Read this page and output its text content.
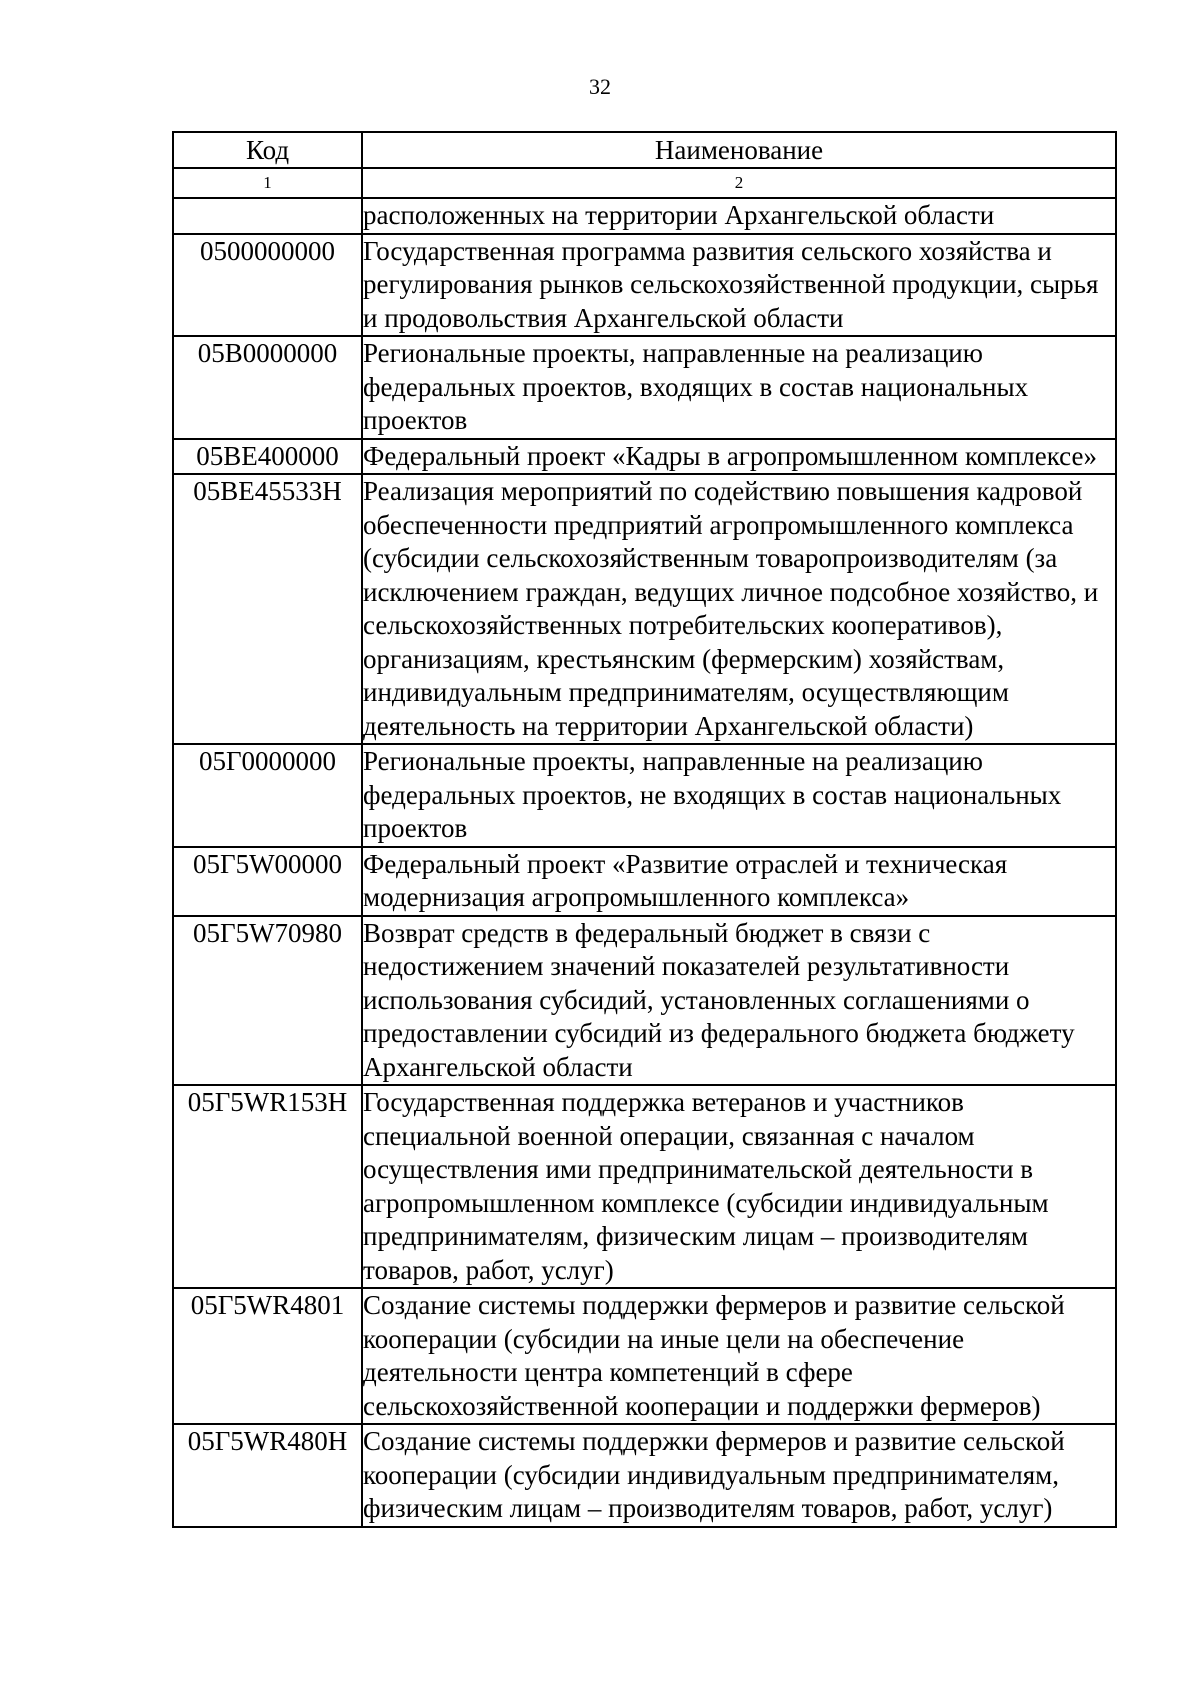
32
Код	Наименование
1	2
	расположенных на территории Архангельской области
0500000000	Государственная программа развития сельского хозяйства и регулирования рынков сельскохозяйственной продукции, сырья и продовольствия Архангельской области
05В0000000	Региональные проекты, направленные на реализацию федеральных проектов, входящих в состав национальных проектов
05ВЕ400000	Федеральный проект «Кадры в агропромышленном комплексе»
05ВЕ45533Н	Реализация мероприятий по содействию повышения кадровой обеспеченности предприятий агропромышленного комплекса (субсидии сельскохозяйственным товаропроизводителям (за исключением граждан, ведущих личное подсобное хозяйство, и сельскохозяйственных потребительских кооперативов), организациям, крестьянским (фермерским) хозяйствам, индивидуальным предпринимателям, осуществляющим деятельность на территории Архангельской области)
05Г0000000	Региональные проекты, направленные на реализацию федеральных проектов, не входящих в состав национальных проектов
05Г5W00000	Федеральный проект «Развитие отраслей и техническая модернизация агропромышленного комплекса»
05Г5W70980	Возврат средств в федеральный бюджет в связи с недостижением значений показателей результативности использования субсидий, установленных соглашениями о предоставлении субсидий из федерального бюджета бюджету Архангельской области
05Г5WR153Н	Государственная поддержка ветеранов и участников специальной военной операции, связанная с началом осуществления ими предпринимательской деятельности в агропромышленном комплексе (субсидии индивидуальным предпринимателям, физическим лицам – производителям товаров, работ, услуг)
05Г5WR4801	Создание системы поддержки фермеров и развитие сельской кооперации (субсидии на иные цели на обеспечение деятельности центра компетенций в сфере сельскохозяйственной кооперации и поддержки фермеров)
05Г5WR480Н	Создание системы поддержки фермеров и развитие сельской кооперации (субсидии индивидуальным предпринимателям, физическим лицам – производителям товаров, работ, услуг)
